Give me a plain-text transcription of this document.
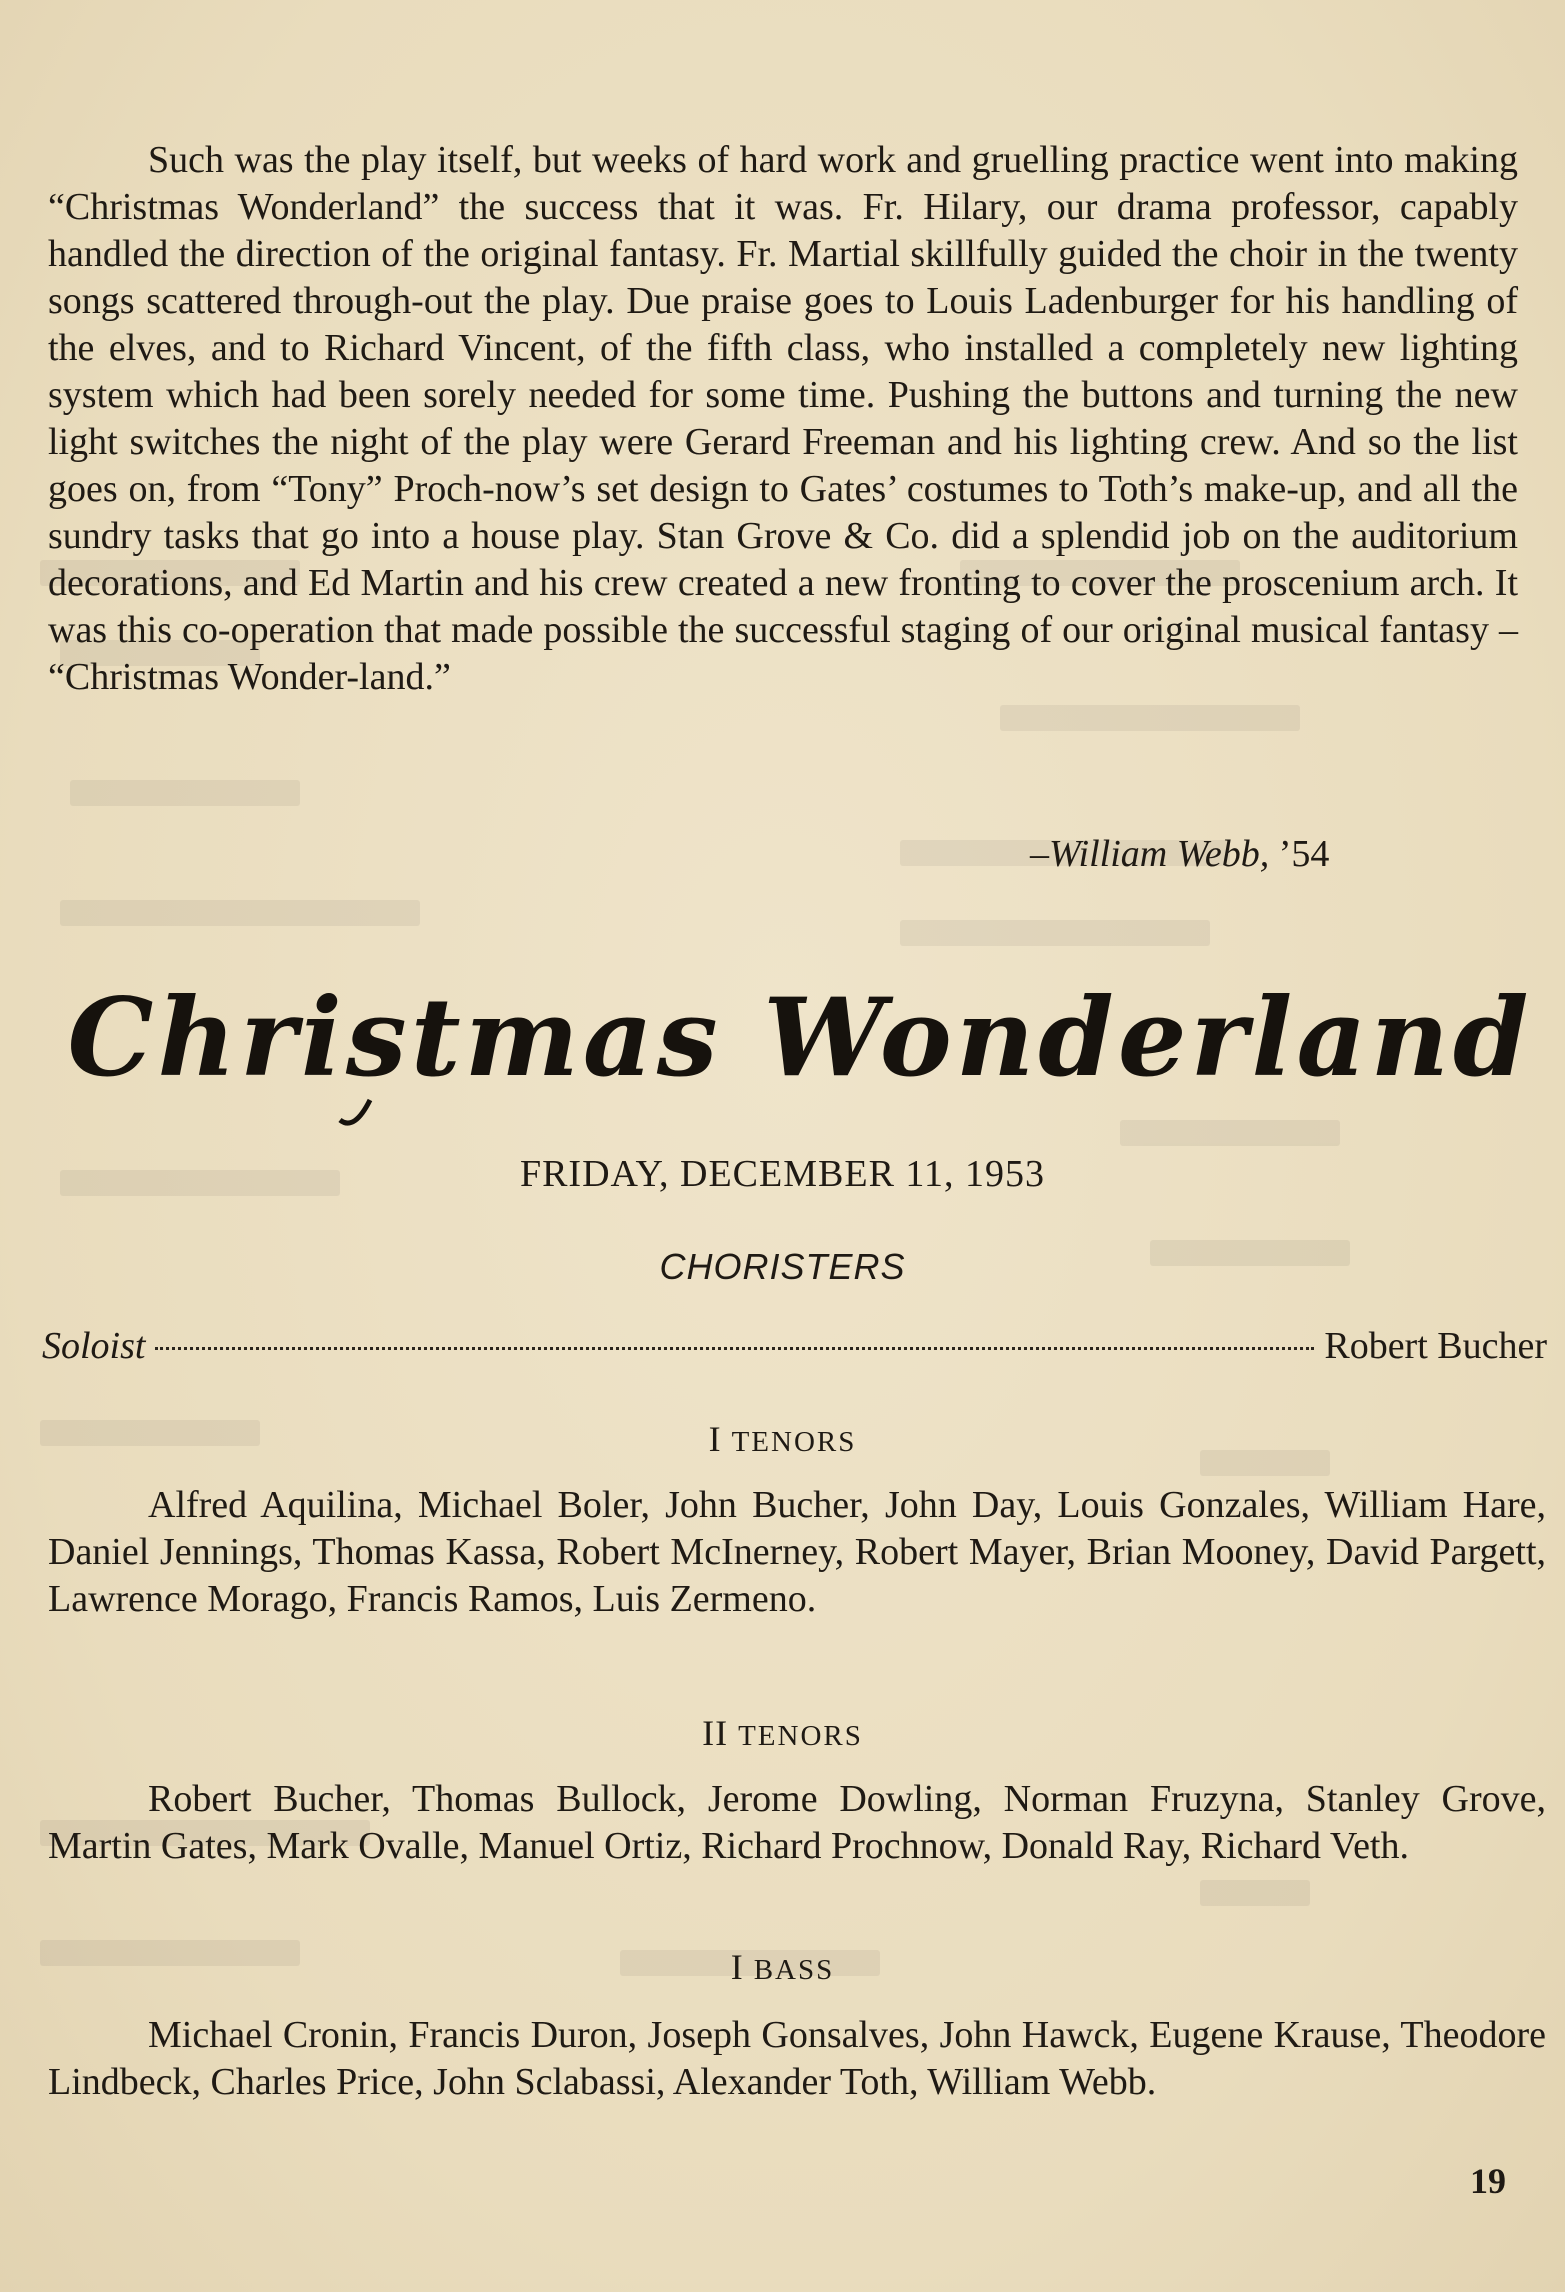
Such was the play itself, but weeks of hard work and gruelling practice went into making “Christmas Wonderland” the success that it was. Fr. Hilary, our drama professor, capably handled the direction of the original fantasy. Fr. Martial skillfully guided the choir in the twenty songs scattered through-out the play. Due praise goes to Louis Ladenburger for his handling of the elves, and to Richard Vincent, of the fifth class, who installed a completely new lighting system which had been sorely needed for some time. Pushing the buttons and turning the new light switches the night of the play were Gerard Freeman and his lighting crew. And so the list goes on, from “Tony” Proch-now’s set design to Gates’ costumes to Toth’s make-up, and all the sundry tasks that go into a house play. Stan Grove & Co. did a splendid job on the auditorium decorations, and Ed Martin and his crew created a new fronting to cover the proscenium arch. It was this co-operation that made possible the successful staging of our original musical fantasy – “Christmas Wonder-land.”

–William Webb, ’54
Christmas Wonderland
FRIDAY, DECEMBER 11, 1953
CHORISTERS
Soloist	Robert Bucher
I TENORS

Alfred Aquilina, Michael Boler, John Bucher, John Day, Louis Gonzales, William Hare, Daniel Jennings, Thomas Kassa, Robert McInerney, Robert Mayer, Brian Mooney, David Pargett, Lawrence Morago, Francis Ramos, Luis Zermeno.

II TENORS

Robert Bucher, Thomas Bullock, Jerome Dowling, Norman Fruzyna, Stanley Grove, Martin Gates, Mark Ovalle, Manuel Ortiz, Richard Prochnow, Donald Ray, Richard Veth.

I BASS

Michael Cronin, Francis Duron, Joseph Gonsalves, John Hawck, Eugene Krause, Theodore Lindbeck, Charles Price, John Sclabassi, Alexander Toth, William Webb.

19
